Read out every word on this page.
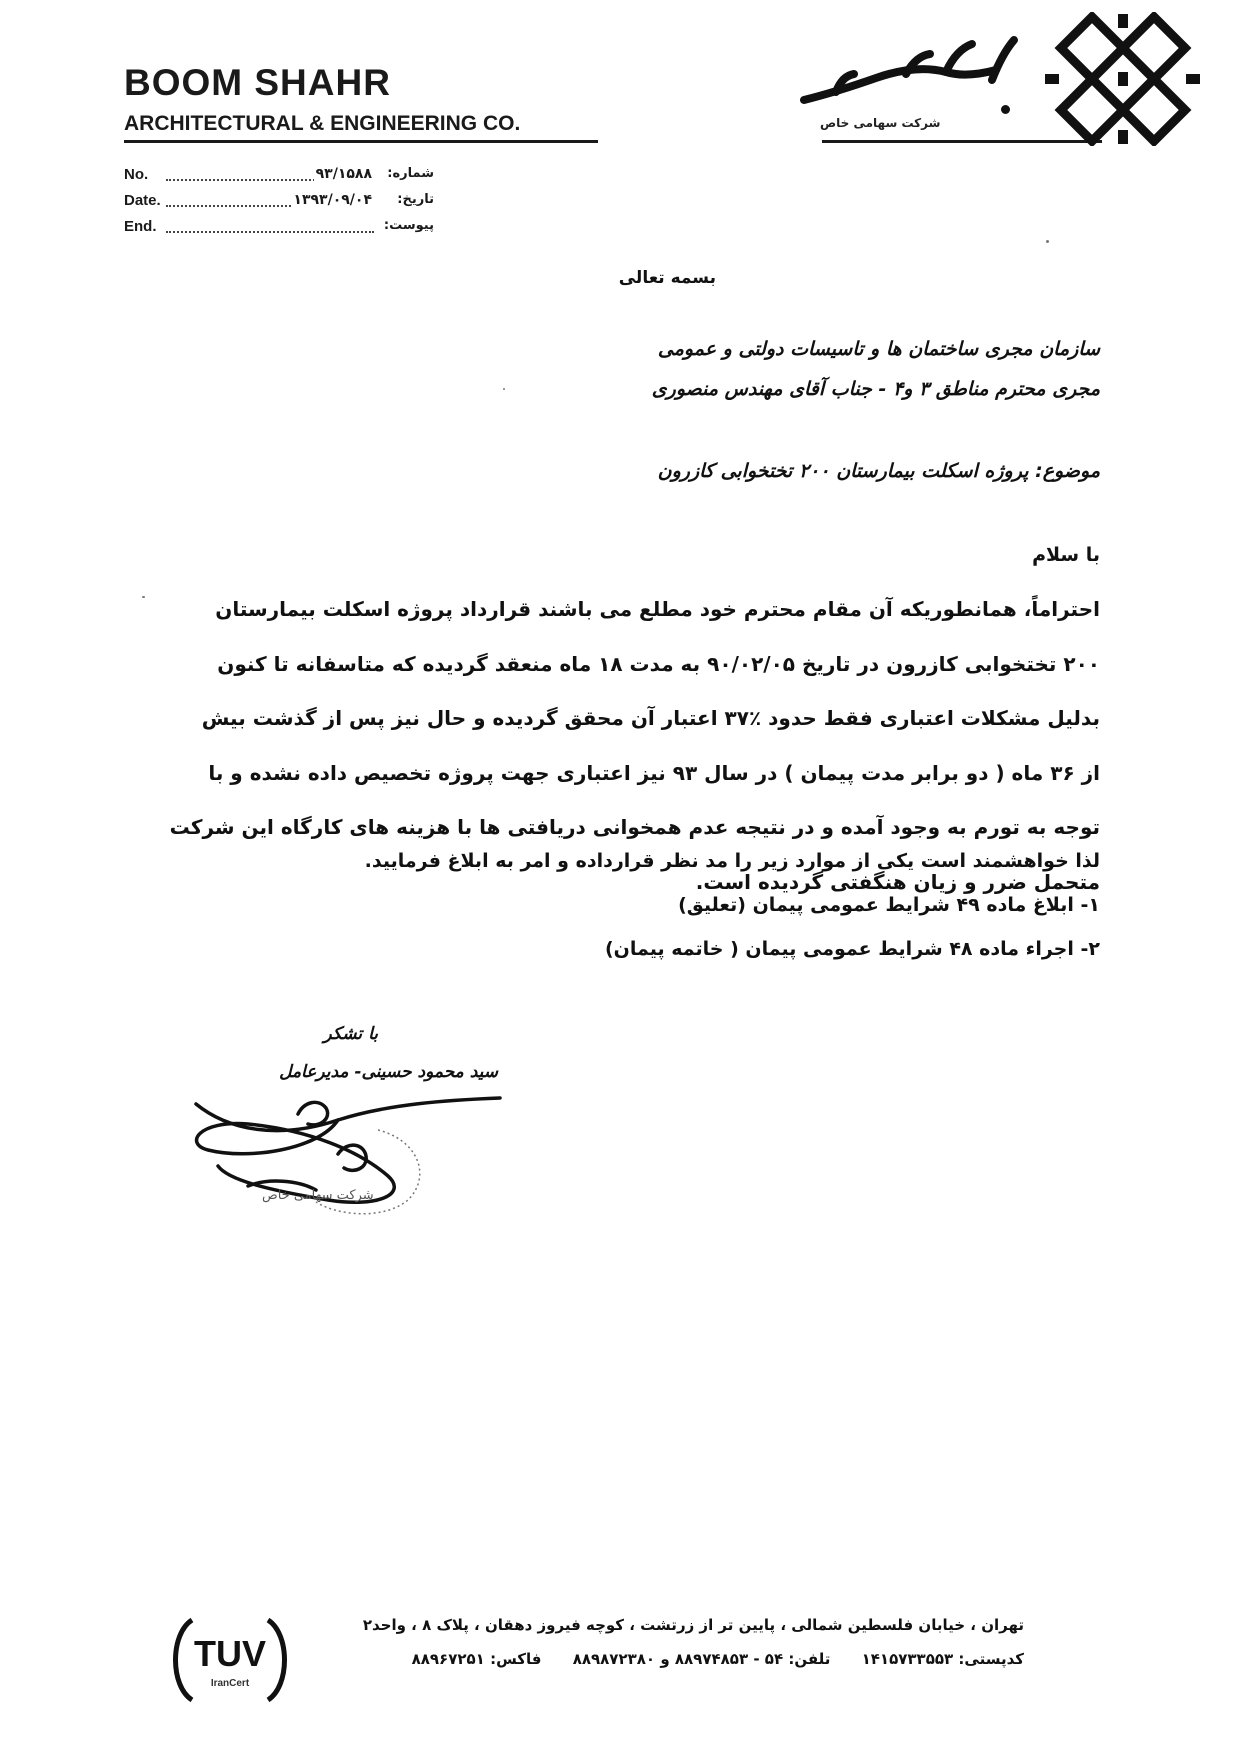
BOOM SHAHR
ARCHITECTURAL & ENGINEERING CO.	شرکت سهامی خاص
No.	۹۳/۱۵۸۸ شماره:
Date.	۱۳۹۳/۰۹/۰۴ تاریخ:
End.	پیوست:
بسمه تعالی
سازمان مجری ساختمان ها و تاسیسات دولتی و عمومی
مجری محترم مناطق ۳ و۴ - جناب آقای مهندس منصوری
موضوع: پروژه اسکلت بیمارستان ۲۰۰ تختخوابی کازرون
با سلام
احتراماً، همانطوریکه آن مقام محترم خود مطلع می باشند قرارداد پروژه اسکلت بیمارستان
۲۰۰ تختخوابی کازرون در تاریخ ۹۰/۰۲/۰۵ به مدت ۱۸ ماه منعقد گردیده که متاسفانه تا کنون
بدلیل مشکلات اعتباری فقط حدود ٪۳۷ اعتبار آن محقق گردیده و حال نیز پس از گذشت بیش
از ۳۶ ماه ( دو برابر مدت پیمان ) در سال ۹۳ نیز اعتباری جهت پروژه تخصیص داده نشده و با
توجه به تورم به وجود آمده و در نتیجه عدم همخوانی دریافتی ها با هزینه های کارگاه این شرکت
متحمل ضرر و زیان هنگفتی گردیده است.
لذا خواهشمند است یکی از موارد زیر را مد نظر قرارداده و امر به ابلاغ فرمایید.
۱- ابلاغ ماده ۴۹ شرایط عمومی پیمان (تعلیق)
۲- اجراء ماده ۴۸ شرایط عمومی پیمان ( خاتمه پیمان)
با تشکر
سید محمود حسینی- مدیرعامل
شرکت سهامی خاص
TUV
IranCert
تهران ، خیابان فلسطین شمالی ، پایین تر از زرتشت ، کوچه فیروز دهقان ، پلاک ۸ ، واحد۲
کدپستی: ۱۴۱۵۷۳۳۵۵۳ تلفن: ۵۴ - ۸۸۹۷۴۸۵۳ و ۸۸۹۸۷۲۳۸۰ فاکس: ۸۸۹۶۷۲۵۱
